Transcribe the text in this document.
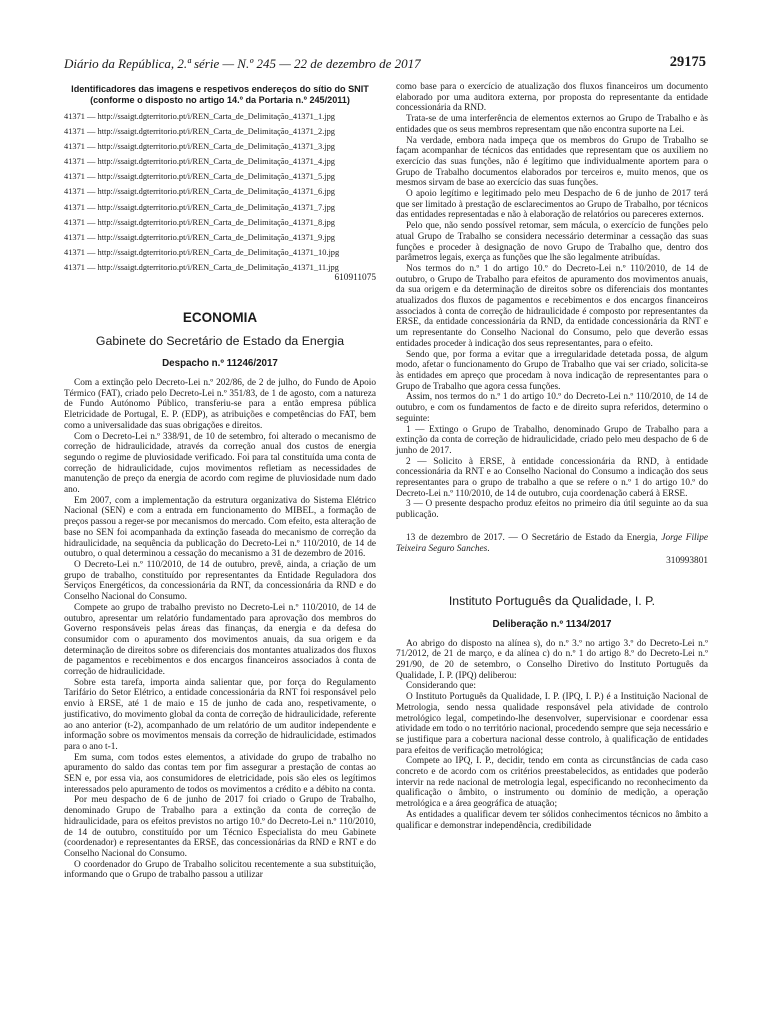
Diário da República, 2.ª série — N.º 245 — 22 de dezembro de 2017	29175
Identificadores das imagens e respetivos endereços do sítio do SNIT
(conforme o disposto no artigo 14.º da Portaria n.º 245/2011)
41371 — http://ssaigt.dgterritorio.pt/i/REN_Carta_de_Delimitação_41371_1.jpg
41371 — http://ssaigt.dgterritorio.pt/i/REN_Carta_de_Delimitação_41371_2.jpg
41371 — http://ssaigt.dgterritorio.pt/i/REN_Carta_de_Delimitação_41371_3.jpg
41371 — http://ssaigt.dgterritorio.pt/i/REN_Carta_de_Delimitação_41371_4.jpg
41371 — http://ssaigt.dgterritorio.pt/i/REN_Carta_de_Delimitação_41371_5.jpg
41371 — http://ssaigt.dgterritorio.pt/i/REN_Carta_de_Delimitação_41371_6.jpg
41371 — http://ssaigt.dgterritorio.pt/i/REN_Carta_de_Delimitação_41371_7.jpg
41371 — http://ssaigt.dgterritorio.pt/i/REN_Carta_de_Delimitação_41371_8.jpg
41371 — http://ssaigt.dgterritorio.pt/i/REN_Carta_de_Delimitação_41371_9.jpg
41371 — http://ssaigt.dgterritorio.pt/i/REN_Carta_de_Delimitação_41371_10.jpg
41371 — http://ssaigt.dgterritorio.pt/i/REN_Carta_de_Delimitação_41371_11.jpg
610911075
ECONOMIA
Gabinete do Secretário de Estado da Energia
Despacho n.º 11246/2017

Com a extinção pelo Decreto-Lei n.º 202/86, de 2 de julho, do Fundo de Apoio Térmico (FAT), criado pelo Decreto-Lei n.º 351/83, de 1 de agosto, com a natureza de Fundo Autónomo Público, transferiu-se para a então empresa pública Eletricidade de Portugal, E. P. (EDP), as atribuições e competências do FAT, bem como a universalidade das suas obrigações e direitos.

Com o Decreto-Lei n.º 338/91, de 10 de setembro, foi alterado o mecanismo de correção de hidraulicidade, através da correção anual dos custos de energia segundo o regime de pluviosidade verificado. Foi para tal constituída uma conta de correção de hidraulicidade, cujos movimentos refletiam as necessidades de manutenção de preço da energia de acordo com regime de pluviosidade num dado ano.

Em 2007, com a implementação da estrutura organizativa do Sistema Elétrico Nacional (SEN) e com a entrada em funcionamento do MIBEL, a formação de preços passou a reger-se por mecanismos do mercado. Com efeito, esta alteração de base no SEN foi acompanhada da extinção faseada do mecanismo de correção da hidraulicidade, na sequência da publicação do Decreto-Lei n.º 110/2010, de 14 de outubro, o qual determinou a cessação do mecanismo a 31 de dezembro de 2016.

O Decreto-Lei n.º 110/2010, de 14 de outubro, prevê, ainda, a criação de um grupo de trabalho, constituído por representantes da Entidade Reguladora dos Serviços Energéticos, da concessionária da RNT, da concessionária da RND e do Conselho Nacional do Consumo.

Compete ao grupo de trabalho previsto no Decreto-Lei n.º 110/2010, de 14 de outubro, apresentar um relatório fundamentado para aprovação dos membros do Governo responsáveis pelas áreas das finanças, da energia e da defesa do consumidor com o apuramento dos movimentos anuais, da sua origem e da determinação de direitos sobre os diferenciais dos montantes atualizados dos fluxos de pagamentos e recebimentos e dos encargos financeiros associados à conta de correção de hidraulicidade.

Sobre esta tarefa, importa ainda salientar que, por força do Regulamento Tarifário do Setor Elétrico, a entidade concessionária da RNT foi responsável pelo envio à ERSE, até 1 de maio e 15 de junho de cada ano, respetivamente, o justificativo, do movimento global da conta de correção de hidraulicidade, referente ao ano anterior (t-2), acompanhado de um relatório de um auditor independente e informação sobre os movimentos mensais da correção de hidraulicidade, estimados para o ano t-1.

Em suma, com todos estes elementos, a atividade do grupo de trabalho no apuramento do saldo das contas tem por fim assegurar a prestação de contas ao SEN e, por essa via, aos consumidores de eletricidade, pois são eles os legítimos interessados pelo apuramento de todos os movimentos a crédito e a débito na conta.

Por meu despacho de 6 de junho de 2017 foi criado o Grupo de Trabalho, denominado Grupo de Trabalho para a extinção da conta de correção de hidraulicidade, para os efeitos previstos no artigo 10.º do Decreto-Lei n.º 110/2010, de 14 de outubro, constituído por um Técnico Especialista do meu Gabinete (coordenador) e representantes da ERSE, das concessionárias da RND e RNT e do Conselho Nacional do Consumo.

O coordenador do Grupo de Trabalho solicitou recentemente a sua substituição, informando que o Grupo de trabalho passou a utilizar

como base para o exercício de atualização dos fluxos financeiros um documento elaborado por uma auditora externa, por proposta do representante da entidade concessionária da RND.

Trata-se de uma interferência de elementos externos ao Grupo de Trabalho e às entidades que os seus membros representam que não encontra suporte na Lei.

Na verdade, embora nada impeça que os membros do Grupo de Trabalho se façam acompanhar de técnicos das entidades que representam que os auxiliem no exercício das suas funções, não é legítimo que individualmente aportem para o Grupo de Trabalho documentos elaborados por terceiros e, muito menos, que os mesmos sirvam de base ao exercício das suas funções.

O apoio legítimo e legitimado pelo meu Despacho de 6 de junho de 2017 terá que ser limitado à prestação de esclarecimentos ao Grupo de Trabalho, por técnicos das entidades representadas e não à elaboração de relatórios ou pareceres externos.

Pelo que, não sendo possível retomar, sem mácula, o exercício de funções pelo atual Grupo de Trabalho se considera necessário determinar a cessação das suas funções e proceder à designação de novo Grupo de Trabalho que, dentro dos parâmetros legais, exerça as funções que lhe são legalmente atribuídas.

Nos termos do n.º 1 do artigo 10.º do Decreto-Lei n.º 110/2010, de 14 de outubro, o Grupo de Trabalho para efeitos de apuramento dos movimentos anuais, da sua origem e da determinação de direitos sobre os diferenciais dos montantes atualizados dos fluxos de pagamentos e recebimentos e dos encargos financeiros associados à conta de correção de hidraulicidade é composto por representantes da ERSE, da entidade concessionária da RND, da entidade concessionária da RNT e um representante do Conselho Nacional do Consumo, pelo que deverão essas entidades proceder à indicação dos seus representantes, para o efeito.

Sendo que, por forma a evitar que a irregularidade detetada possa, de algum modo, afetar o funcionamento do Grupo de Trabalho que vai ser criado, solicita-se às entidades em apreço que procedam à nova indicação de representantes para o Grupo de Trabalho que agora cessa funções.

Assim, nos termos do n.º 1 do artigo 10.º do Decreto-Lei n.º 110/2010, de 14 de outubro, e com os fundamentos de facto e de direito supra referidos, determino o seguinte:

1 — Extingo o Grupo de Trabalho, denominado Grupo de Trabalho para a extinção da conta de correção de hidraulicidade, criado pelo meu despacho de 6 de junho de 2017.

2 — Solicito à ERSE, à entidade concessionária da RND, à entidade concessionária da RNT e ao Conselho Nacional do Consumo a indicação dos seus representantes para o grupo de trabalho a que se refere o n.º 1 do artigo 10.º do Decreto-Lei n.º 110/2010, de 14 de outubro, cuja coordenação caberá à ERSE.

3 — O presente despacho produz efeitos no primeiro dia útil seguinte ao da sua publicação.

13 de dezembro de 2017. — O Secretário de Estado da Energia, Jorge Filipe Teixeira Seguro Sanches.

310993801
Instituto Português da Qualidade, I. P.
Deliberação n.º 1134/2017

Ao abrigo do disposto na alínea s), do n.º 3.º no artigo 3.º do Decreto-Lei n.º 71/2012, de 21 de março, e da alínea c) do n.º 1 do artigo 8.º do Decreto-Lei n.º 291/90, de 20 de setembro, o Conselho Diretivo do Instituto Português da Qualidade, I. P. (IPQ) deliberou:

Considerando que:

O Instituto Português da Qualidade, I. P. (IPQ, I. P.) é a Instituição Nacional de Metrologia, sendo nessa qualidade responsável pela atividade de controlo metrológico legal, competindo-lhe desenvolver, supervisionar e coordenar essa atividade em todo o no território nacional, procedendo sempre que seja necessário e se justifique para a cobertura nacional desse controlo, à qualificação de entidades para efeitos de verificação metrológica;

Compete ao IPQ, I. P., decidir, tendo em conta as circunstâncias de cada caso concreto e de acordo com os critérios preestabelecidos, as entidades que poderão intervir na rede nacional de metrologia legal, especificando no reconhecimento da qualificação o âmbito, o instrumento ou domínio de medição, a operação metrológica e a área geográfica de atuação;

As entidades a qualificar devem ter sólidos conhecimentos técnicos no âmbito a qualificar e demonstrar independência, credibilidade
